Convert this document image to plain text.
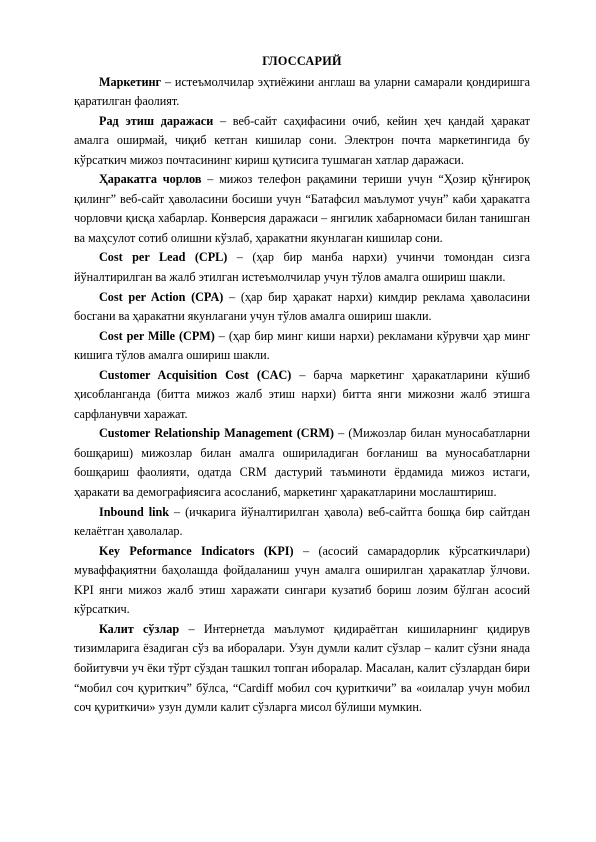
ГЛОССАРИЙ

Маркетинг – истеъмолчилар эҳтиёжини англаш ва уларни самарали қондиришга қаратилган фаолият.

Рад этиш даражаси – веб-сайт саҳифасини очиб, кейин ҳеч қандай ҳаракат амалга оширмай, чиқиб кетган кишилар сони. Электрон почта маркетингида бу кўрсаткич мижоз почтасининг кириш қутисига тушмаган хатлар даражаси.

Ҳаракатга чорлов – мижоз телефон рақамини териши учун “Ҳозир қўнғироқ қилинг” веб-сайт ҳаволасини босиши учун “Батафсил маълумот учун” каби ҳаракатга чорловчи қисқа хабарлар. Конверсия даражаси – янгилик хабарномаси билан танишган ва маҳсулот сотиб олишни кўзлаб, ҳаракатни якунлаган кишилар сони.

Cost per Lead (CPL) – (ҳар бир манба нархи) учинчи томондан сизга йўналтирилган ва жалб этилган истеъмолчилар учун тўлов амалга ошириш шакли.

Cost per Action (CPA) – (ҳар бир ҳаракат нархи) кимдир реклама ҳаволасини босгани ва ҳаракатни якунлагани учун тўлов амалга ошириш шакли.

Cost per Mille (CPM) – (ҳар бир минг киши нархи) рекламани кўрувчи ҳар минг кишига тўлов амалга ошириш шакли.

Customer Acquisition Cost (CAC) – барча маркетинг ҳаракатларини кўшиб ҳисобланганда (битта мижоз жалб этиш нархи) битта янги мижозни жалб этишга сарфланувчи харажат.

Customer Relationship Management (CRM) – (Мижозлар билан муносабатларни бошқариш) мижозлар билан амалга ошириладиган боғланиш ва муносабатларни бошқариш фаолияти, одатда CRM дастурий таъминоти ёрдамида мижоз истаги, ҳаракати ва демографиясига асосланиб, маркетинг ҳаракатларини мослаштириш.

Inbound link – (ичкарига йўналтирилган ҳавола) веб-сайтга бошқа бир сайтдан келаётган ҳаволалар.

Key Peformance Indicators (KPI) – (асосий самарадорлик кўрсаткичлари) муваффақиятни баҳолашда фойдаланиш учун амалга оширилган ҳаракатлар ўлчови. KPI янги мижоз жалб этиш харажати сингари кузатиб бориш лозим бўлган асосий кўрсаткич.

Калит сўзлар – Интернетда маълумот қидираётган кишиларнинг қидирув тизимларига ёзадиган сўз ва иборалари. Узун думли калит сўзлар – калит сўзни янада бойитувчи уч ёки тўрт сўздан ташкил топган иборалар. Масалан, калит сўзлардан бири “мобил соч қуриткич” бўлса, “Cardiff мобил соч қуриткичи” ва «оилалар учун мобил соч қуриткичи» узун думли калит сўзларга мисол бўлиши мумкин.
